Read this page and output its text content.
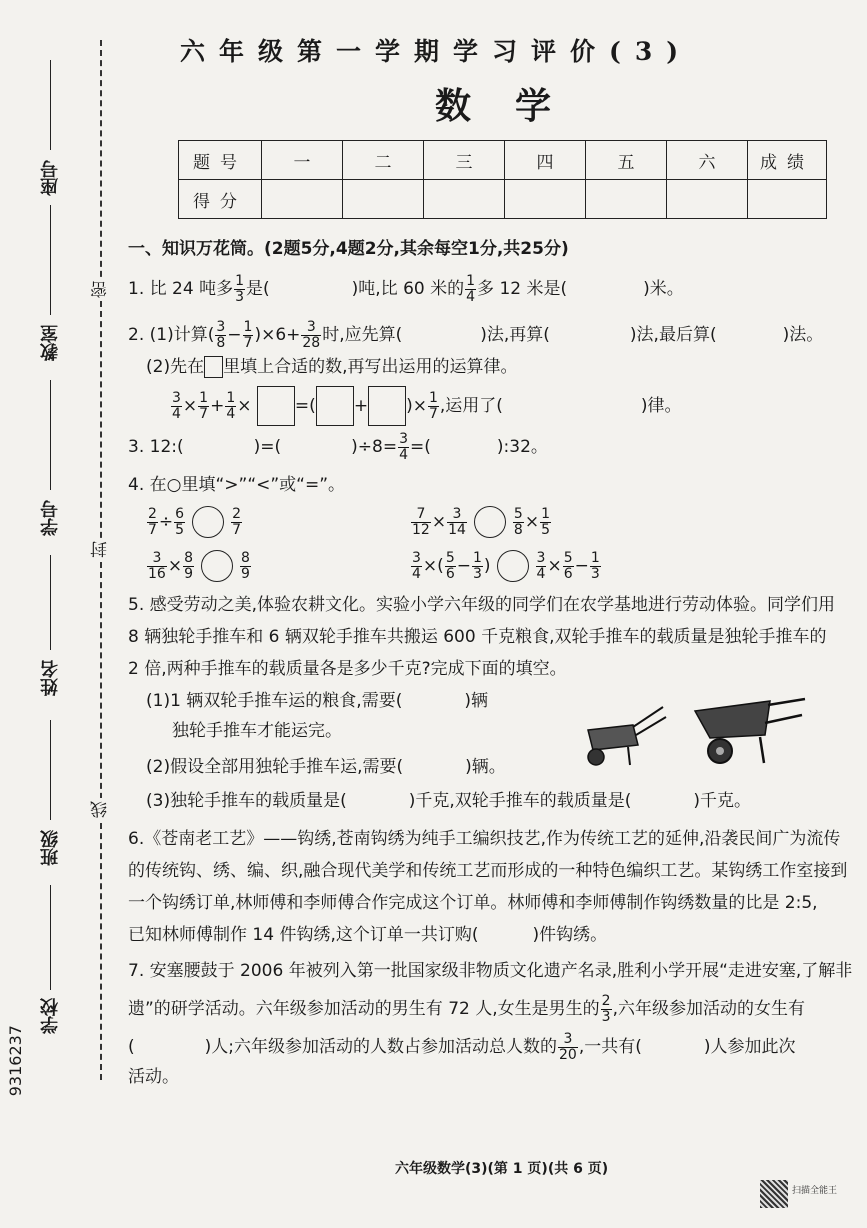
座号
教室
学号
姓名
班级
学校
密
封
线
9316237
六年级第一学期学习评价(3)
数学
题号	一	二	三	四	五	六	成绩
得分							
一、知识万花筒。(2题5分,4题2分,其余每空1分,共25分)
1. 比 24 吨多 $\frac{1}{3}$ 是(	)吨,比 60 米的 $\frac{1}{4}$ 多 12 米是(	)米。
2. (1)计算( $\frac{3}{8} - \frac{1}{7} )\times 6+ \frac{3}{28}$ 时,应先算(	)法,再算(	)法,最后算(	)法。
(2)先在 里填上合适的数,再写出运用的运算律。
$\frac{3}{4} \times \frac{1}{7} + \frac{1}{4}$ ×	=( + )× $\frac{1}{7}$ ,运用了(	)律。
3. 12:(	)=(	)$\div 8= \frac{3}{4}$ =(	):32。
4. 在○里填“>”“<”或“=”。
$\frac{2}{7} \div \frac{6}{5}$	$\frac{2}{7}$	$\frac{7}{12} \times \frac{3}{14}$	$\frac{5}{8} \times \frac{1}{5}$
$\frac{3}{16} \times \frac{8}{9}$	$\frac{8}{9}$	$\frac{3}{4}$ ×( $\frac{5}{6} - \frac{1}{3}$ )	$\frac{3}{4} \times \frac{5}{6} - \frac{1}{3}$
5. 感受劳动之美,体验农耕文化。实验小学六年级的同学们在农学基地进行劳动体验。同学们用
8 辆独轮手推车和 6 辆双轮手推车共搬运 600 千克粮食,双轮手推车的载质量是独轮手推车的
2 倍,两种手推车的载质量各是多少千克?完成下面的填空。
(1)1 辆双轮手推车运的粮食,需要(	)辆
独轮手推车才能运完。
(2)假设全部用独轮手推车运,需要(	)辆。
(3)独轮手推车的载质量是(	)千克,双轮手推车的载质量是(	)千克。
6.《苍南老工艺》——钩绣,苍南钩绣为纯手工编织技艺,作为传统工艺的延伸,沿袭民间广为流传
的传统钩、绣、编、织,融合现代美学和传统工艺而形成的一种特色编织工艺。某钩绣工作室接到
一个钩绣订单,林师傅和李师傅合作完成这个订单。林师傅和李师傅制作钩绣数量的比是 2:5,
已知林师傅制作 14 件钩绣,这个订单一共订购(	)件钩绣。
7. 安塞腰鼓于 2006 年被列入第一批国家级非物质文化遗产名录,胜利小学开展“走进安塞,了解非
遗”的研学活动。六年级参加活动的男生有 72 人,女生是男生的 $\frac{2}{3}$ ,六年级参加活动的女生有
(	)人;六年级参加活动的人数占参加活动总人数的 $\frac{3}{20}$ ,一共有(	)人参加此次
活动。
六年级数学(3)(第 1 页)(共 6 页)
扫描全能王
